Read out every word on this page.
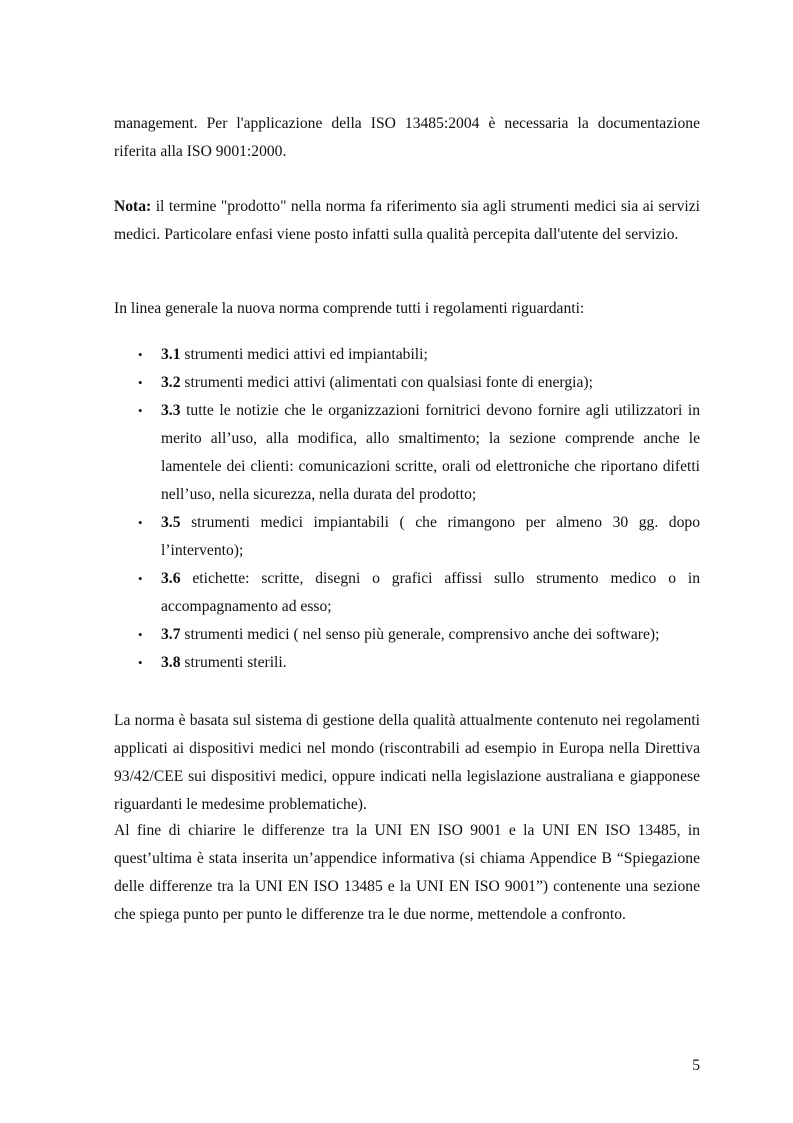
management. Per l'applicazione della ISO 13485:2004 è necessaria la documentazione riferita alla ISO 9001:2000.

Nota: il termine "prodotto" nella norma fa riferimento sia agli strumenti medici sia ai servizi medici. Particolare enfasi viene posto infatti sulla qualità percepita dall'utente del servizio.

In linea generale la nuova norma comprende tutti i regolamenti riguardanti:

• 3.1 strumenti medici attivi ed impiantabili;
• 3.2 strumenti medici attivi (alimentati con qualsiasi fonte di energia);
• 3.3 tutte le notizie che le organizzazioni fornitrici devono fornire agli utilizzatori in merito all’uso, alla modifica, allo smaltimento; la sezione comprende anche le lamentele dei clienti: comunicazioni scritte, orali od elettroniche che riportano difetti nell’uso, nella sicurezza, nella durata del prodotto;
• 3.5 strumenti medici impiantabili ( che rimangono per almeno 30 gg. dopo l’intervento);
• 3.6 etichette: scritte, disegni o grafici affissi sullo strumento medico o in accompagnamento ad esso;
• 3.7 strumenti medici ( nel senso più generale, comprensivo anche dei software);
• 3.8 strumenti sterili.

La norma è basata sul sistema di gestione della qualità attualmente contenuto nei regolamenti applicati ai dispositivi medici nel mondo (riscontrabili ad esempio in Europa nella Direttiva 93/42/CEE sui dispositivi medici, oppure indicati nella legislazione australiana e giapponese riguardanti le medesime problematiche).

Al fine di chiarire le differenze tra la UNI EN ISO 9001 e la UNI EN ISO 13485, in quest’ultima è stata inserita un’appendice informativa (si chiama Appendice B “Spiegazione delle differenze tra la UNI EN ISO 13485 e la UNI EN ISO 9001”) contenente una sezione che spiega punto per punto le differenze tra le due norme, mettendole a confronto.

5
